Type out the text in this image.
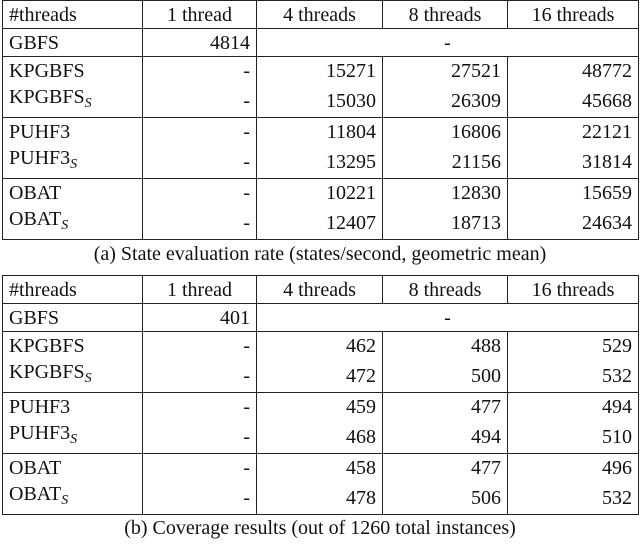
#threads	1 thread	4 threads	8 threads	16 threads
GBFS	4814	-		
KPGBFS	-	15271	27521	48772
$KPGBFS_S$	-	15030	26309	45668
PUHF3	-	11804	16806	22121
$PUHF3_S$	-	13295	21156	31814
OBAT	-	10221	12830	15659
$OBAT_S$	-	12407	18713	24634
(a) State evaluation rate (states/second, geometric mean)
#threads	1 thread	4 threads	8 threads	16 threads
GBFS	401	-		
KPGBFS	-	462	488	529
$KPGBFS_S$	-	472	500	532
PUHF3	-	459	477	494
$PUHF3_S$	-	468	494	510
OBAT	-	458	477	496
$OBAT_S$	-	478	506	532
(b) Coverage results (out of 1260 total instances)
